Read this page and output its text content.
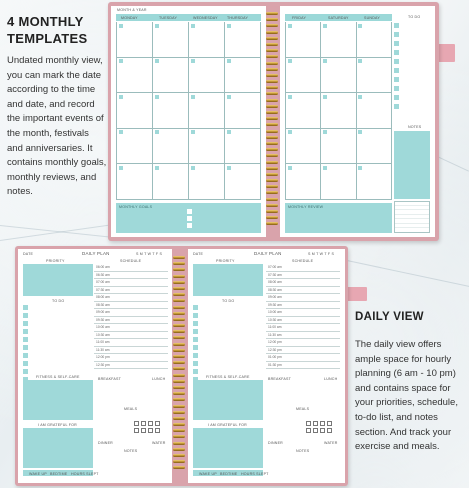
4 MONTHLY TEMPLATES
Undated monthly view, you can mark the date according to the time and date, and record the important events of the month, festivals and anniversaries. It contains monthly goals, monthly reviews, and notes.
DAILY VIEW
The daily view offers ample space for hourly planning (6 am - 10 pm) and contains space for your priorities, schedule, to-do list, and notes section. And track your exercise and meals.
MONTH & YEAR
MONDAY	TUESDAY	WEDNESDAY	THURSDAY
MONTHLY GOALS
FRIDAY	SATURDAY	SUNDAY	TO DO
NOTES
MONTHLY REVIEW
DATE	DAILY PLAN	S M T W T F S
PRIORITY	SCHEDULE
06:00 am
06:30 am
07:00 am
07:30 am
08:00 am
08:30 am
09:00 am
09:30 am
10:00 am
10:30 am
11:00 am
11:30 am
12:00 pm
12:30 pm
TO DO
FITNESS & SELF-CARE	BREAKFAST	LUNCH
MEALS
I AM GRATEFUL FOR
DINNER	WATER
NOTES
WAKE UP BEDTIME HOURS SLEPT
DATE	DAILY PLAN	S M T W T F S
PRIORITY	SCHEDULE
07:00 am
07:30 am
08:00 am
08:30 am
09:00 am
09:30 am
10:00 am
10:30 am
11:00 am
11:30 am
12:00 pm
12:30 pm
01:00 pm
01:30 pm
TO DO
FITNESS & SELF-CARE	BREAKFAST	LUNCH
MEALS
I AM GRATEFUL FOR
DINNER	WATER
NOTES
WAKE UP BEDTIME HOURS SLEPT
